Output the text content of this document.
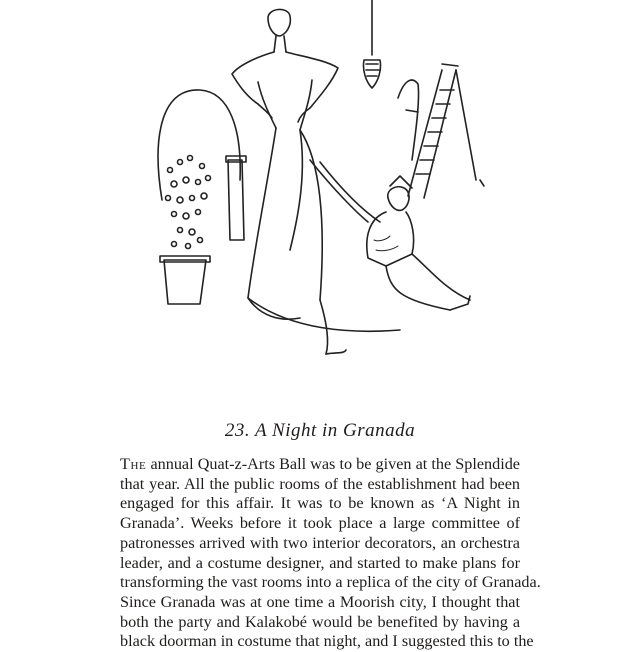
23. A Night in Granada
The annual Quat-z-Arts Ball was to be given at the Splendide
that year. All the public rooms of the establishment had been
engaged for this affair. It was to be known as ‘A Night in
Granada’. Weeks before it took place a large committee of
patronesses arrived with two interior decorators, an orchestra
leader, and a costume designer, and started to make plans for
transforming the vast rooms into a replica of the city of Granada.
Since Granada was at one time a Moorish city, I thought that
both the party and Kalakobé would be benefited by having a
black doorman in costume that night, and I suggested this to the
